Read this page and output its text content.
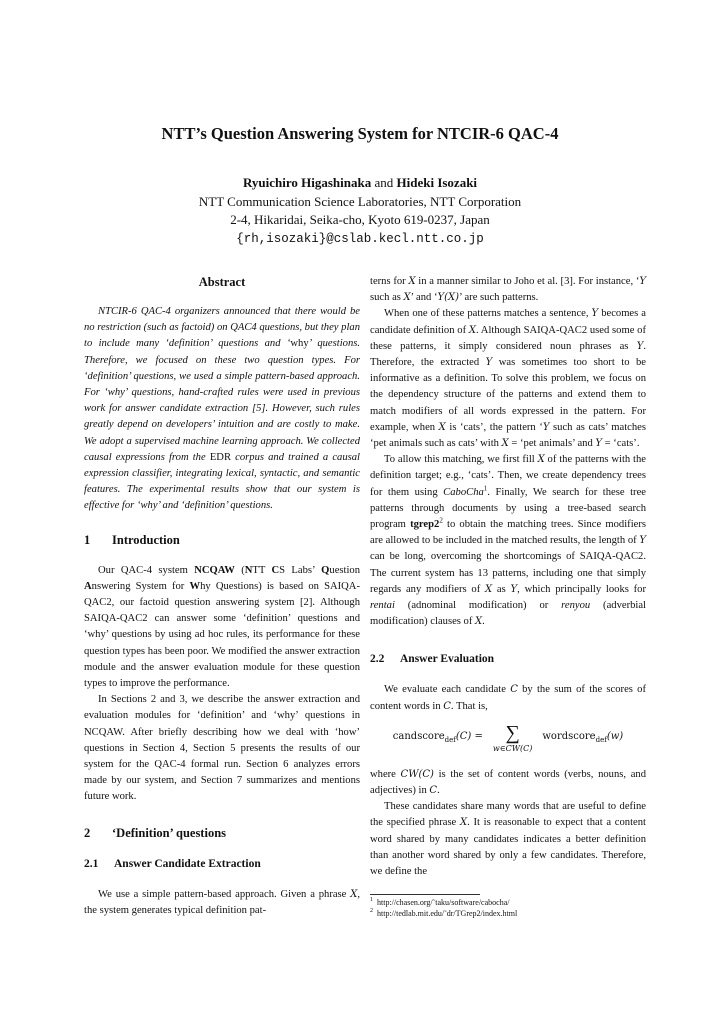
NTT’s Question Answering System for NTCIR-6 QAC-4
Ryuichiro Higashinaka and Hideki Isozaki
NTT Communication Science Laboratories, NTT Corporation
2-4, Hikaridai, Seika-cho, Kyoto 619-0237, Japan
{rh,isozaki}@cslab.kecl.ntt.co.jp
Abstract

NTCIR-6 QAC-4 organizers announced that there would be no restriction (such as factoid) on QAC4 questions, but they plan to include many ‘definition’ questions and ‘why’ questions. Therefore, we focused on these two question types. For ‘definition’ questions, we used a simple pattern-based approach. For ‘why’ questions, hand-crafted rules were used in previous work for answer candidate extraction [5]. However, such rules greatly depend on developers’ intuition and are costly to make. We adopt a supervised machine learning approach. We collected causal expressions from the EDR corpus and trained a causal expression classifier, integrating lexical, syntactic, and semantic features. The experimental results show that our system is effective for ‘why’ and ‘definition’ questions.

1 Introduction

Our QAC-4 system NCQAW (NTT CS Labs’ Question Answering System for Why Questions) is based on SAIQA-QAC2, our factoid question answering system [2]. Although SAIQA-QAC2 can answer some ‘definition’ questions and ‘why’ questions by using ad hoc rules, its performance for these question types has been poor. We modified the answer extraction module and the answer evaluation module for these question types to improve the performance.

In Sections 2 and 3, we describe the answer extraction and evaluation modules for ‘definition’ and ‘why’ questions in NCQAW. After briefly describing how we deal with ‘how’ questions in Section 4, Section 5 presents the results of our system for the QAC-4 formal run. Section 6 analyzes errors made by our system, and Section 7 summarizes and mentions future work.

2 ‘Definition’ questions
2.1 Answer Candidate Extraction

We use a simple pattern-based approach. Given a phrase X, the system generates typical definition pat-

terns for X in a manner similar to Joho et al. [3]. For instance, ‘Y such as X’ and ‘Y(X)’ are such patterns.

When one of these patterns matches a sentence, Y becomes a candidate definition of X. Although SAIQA-QAC2 used some of these patterns, it simply considered noun phrases as Y. Therefore, the extracted Y was sometimes too short to be informative as a definition. To solve this problem, we focus on the dependency structure of the patterns and extend them to match modifiers of all words expressed in the pattern. For example, when X is ‘cats’, the pattern ‘Y such as cats’ matches ‘pet animals such as cats’ with X = ‘pet animals’ and Y = ‘cats’.

To allow this matching, we first fill X of the patterns with the definition target; e.g., ‘cats’. Then, we create dependency trees for them using CaboCha$^1$. Finally, We search for these tree patterns through documents by using a tree-based search program $tgrep2^2$ to obtain the matching trees. Since modifiers are allowed to be included in the matched results, the length of Y can be long, overcoming the shortcomings of SAIQA-QAC2. The current system has 13 patterns, including one that simply regards any modifiers of X as Y, which principally looks for rentai (adnominal modification) or renyou (adverbial modification) clauses of X.

2.2 Answer Evaluation

We evaluate each candidate C by the sum of the scores of content words in C. That is,

candscore$_{def}$(C) = ∑
w∈CW(C)
wordscore$_{def}$(w)

where CW(C) is the set of content words (verbs, nouns, and adjectives) in C.

These candidates share many words that are useful to define the specified phrase X. It is reasonable to expect that a content word shared by many candidates indicates a better definition than another word shared by only a few candidates. Therefore, we define the

$^1$ http://chasen.org/˜taku/software/cabocha/
$^2$ http://tedlab.mit.edu/˜dr/TGrep2/index.html
